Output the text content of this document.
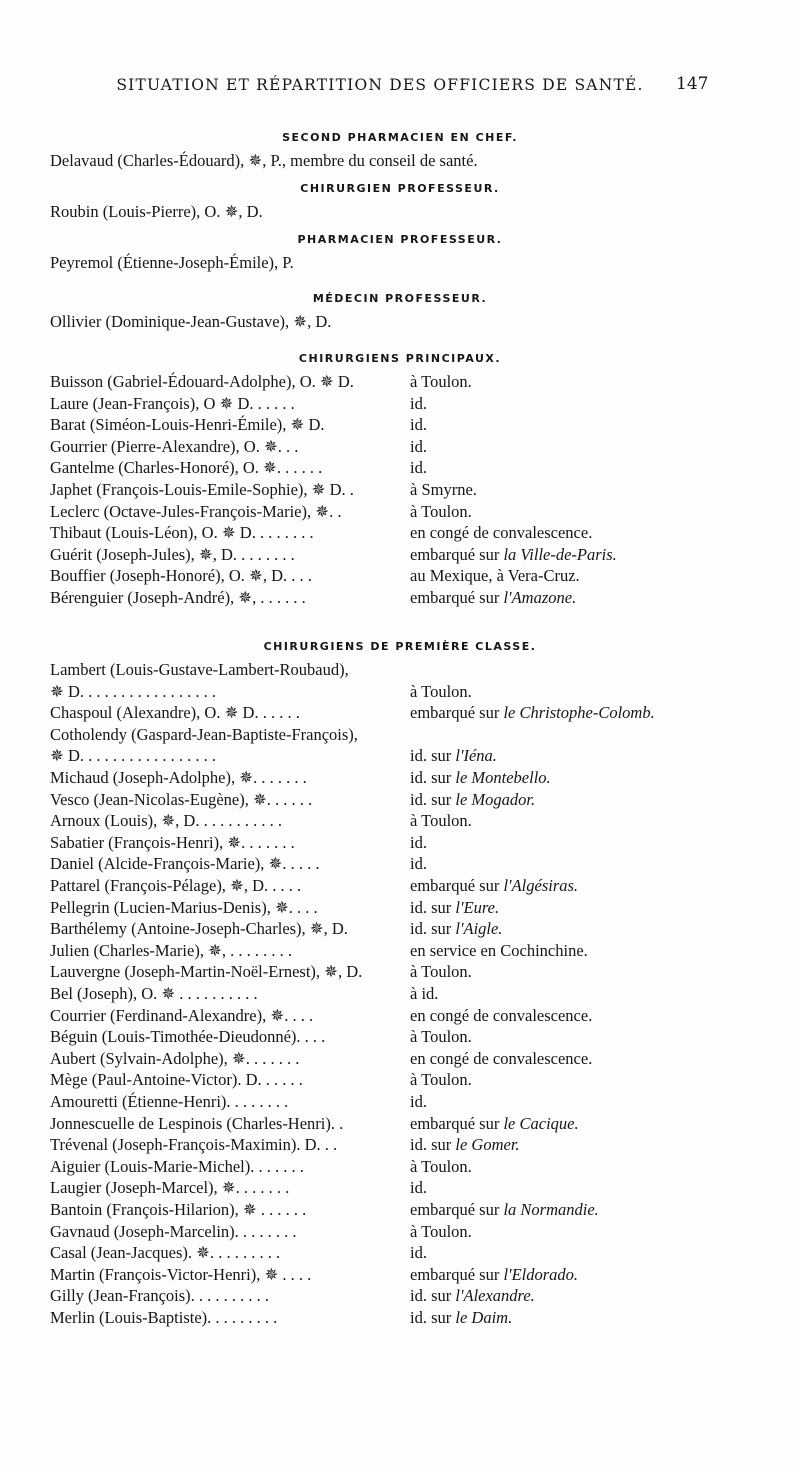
SITUATION ET RÉPARTITION DES OFFICIERS DE SANTÉ.	147
SECOND PHARMACIEN EN CHEF.
Delavaud (Charles-Édouard), ✵, P., membre du conseil de santé.
CHIRURGIEN PROFESSEUR.
Roubin (Louis-Pierre), O. ✵, D.
PHARMACIEN PROFESSEUR.
Peyremol (Étienne-Joseph-Émile), P.
MÉDECIN PROFESSEUR.
Ollivier (Dominique-Jean-Gustave), ✵, D.
CHIRURGIENS PRINCIPAUX.
Buisson (Gabriel-Édouard-Adolphe), O. ✵ D.	à Toulon.
Laure (Jean-François), O ✵ D. . . . . .	id.
Barat (Siméon-Louis-Henri-Émile), ✵ D.	id.
Gourrier (Pierre-Alexandre), O. ✵. . .	id.
Gantelme (Charles-Honoré), O. ✵. . . . . .	id.
Japhet (François-Louis-Emile-Sophie), ✵ D. .	à Smyrne.
Leclerc (Octave-Jules-François-Marie), ✵. .	à Toulon.
Thibaut (Louis-Léon), O. ✵ D. . . . . . . .	en congé de convalescence.
Guérit (Joseph-Jules), ✵, D. . . . . . . .	embarqué sur la Ville-de-Paris.
Bouffier (Joseph-Honoré), O. ✵, D. . . .	au Mexique, à Vera-Cruz.
Bérenguier (Joseph-André), ✵, . . . . . .	embarqué sur l'Amazone.
CHIRURGIENS DE PREMIÈRE CLASSE.
Lambert (Louis-Gustave-Lambert-Roubaud),
✵ D. . . . . . . . . . . . . . . . .	à Toulon.
Chaspoul (Alexandre), O. ✵ D. . . . . .	embarqué sur le Christophe-Colomb.
Cotholendy (Gaspard-Jean-Baptiste-François),
✵ D. . . . . . . . . . . . . . . . .	id. sur l'Iéna.
Michaud (Joseph-Adolphe), ✵. . . . . . .	id. sur le Montebello.
Vesco (Jean-Nicolas-Eugène), ✵. . . . . .	id. sur le Mogador.
Arnoux (Louis), ✵, D. . . . . . . . . . .	à Toulon.
Sabatier (François-Henri), ✵. . . . . . .	id.
Daniel (Alcide-François-Marie), ✵. . . . .	id.
Pattarel (François-Pélage), ✵, D. . . . .	embarqué sur l'Algésiras.
Pellegrin (Lucien-Marius-Denis), ✵. . . .	id. sur l'Eure.
Barthélemy (Antoine-Joseph-Charles), ✵, D.	id. sur l'Aigle.
Julien (Charles-Marie), ✵, . . . . . . . .	en service en Cochinchine.
Lauvergne (Joseph-Martin-Noël-Ernest), ✵, D.	à Toulon.
Bel (Joseph), O. ✵ . . . . . . . . . .	à id.
Courrier (Ferdinand-Alexandre), ✵. . . .	en congé de convalescence.
Béguin (Louis-Timothée-Dieudonné). . . .	à Toulon.
Aubert (Sylvain-Adolphe), ✵. . . . . . .	en congé de convalescence.
Mège (Paul-Antoine-Victor). D. . . . . .	à Toulon.
Amouretti (Étienne-Henri). . . . . . . .	id.
Jonnescuelle de Lespinois (Charles-Henri). .	embarqué sur le Cacique.
Trévenal (Joseph-François-Maximin). D. . .	id. sur le Gomer.
Aiguier (Louis-Marie-Michel). . . . . . .	à Toulon.
Laugier (Joseph-Marcel), ✵. . . . . . .	id.
Bantoin (François-Hilarion), ✵ . . . . . .	embarqué sur la Normandie.
Gavnaud (Joseph-Marcelin). . . . . . . .	à Toulon.
Casal (Jean-Jacques). ✵. . . . . . . . .	id.
Martin (François-Victor-Henri), ✵ . . . .	embarqué sur l'Eldorado.
Gilly (Jean-François). . . . . . . . . .	id. sur l'Alexandre.
Merlin (Louis-Baptiste). . . . . . . . .	id. sur le Daim.
